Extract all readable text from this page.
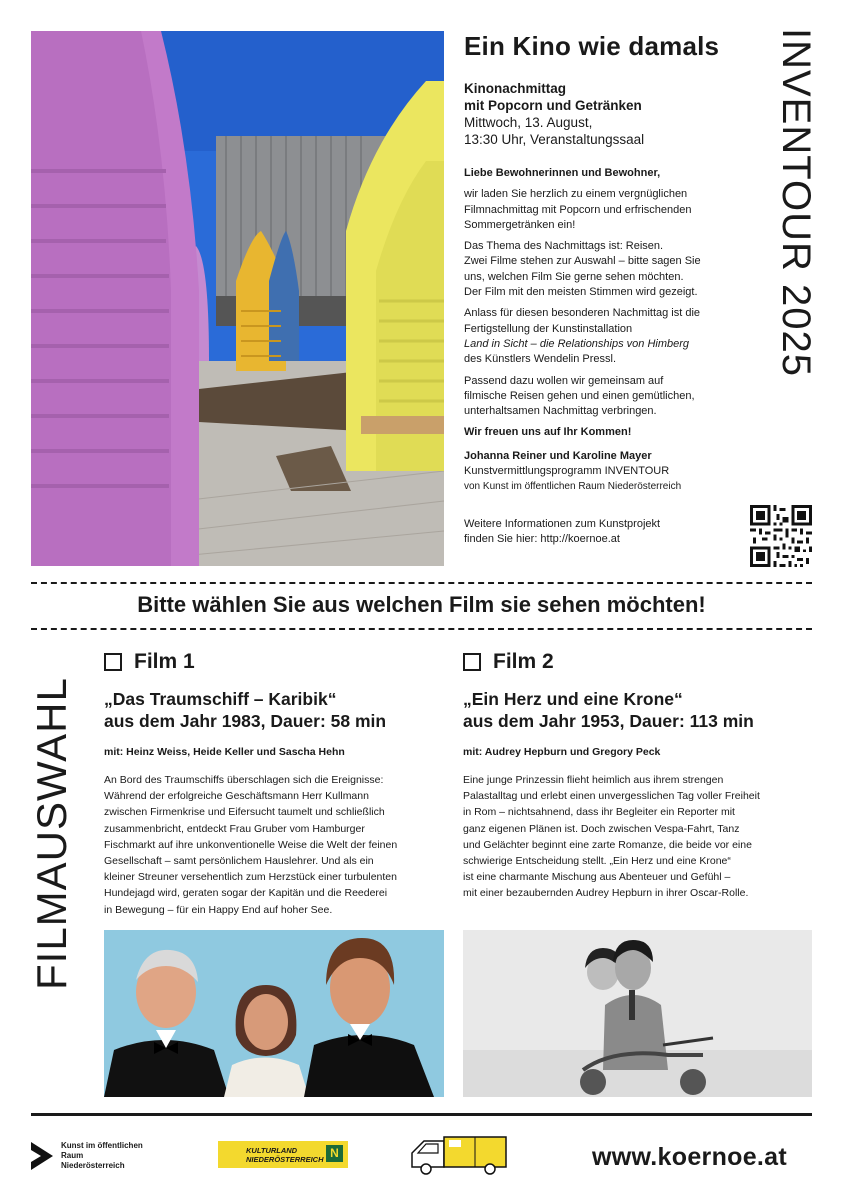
Ein Kino wie damals
Kinonachmittag
mit Popcorn und Getränken
Mittwoch, 13. August,
13:30 Uhr, Veranstaltungssaal

Liebe Bewohnerinnen und Bewohner,

wir laden Sie herzlich zu einem vergnüglichen
Filmnachmittag mit Popcorn und erfrischenden
Sommergetränken ein!

Das Thema des Nachmittags ist: Reisen.
Zwei Filme stehen zur Auswahl – bitte sagen Sie
uns, welchen Film Sie gerne sehen möchten.
Der Film mit den meisten Stimmen wird gezeigt.

Anlass für diesen besonderen Nachmittag ist die
Fertigstellung der Kunstinstallation
Land in Sicht – die Relationships von Himberg
des Künstlers Wendelin Pressl.

Passend dazu wollen wir gemeinsam auf
filmische Reisen gehen und einen gemütlichen,
unterhaltsamen Nachmittag verbringen.

Wir freuen uns auf Ihr Kommen!

Johanna Reiner und Karoline Mayer
Kunstvermittlungsprogramm INVENTOUR
von Kunst im öffentlichen Raum Niederösterreich

Weitere Informationen zum Kunstprojekt
finden Sie hier: http://koernoe.at

INVENTOUR 2025
Bitte wählen Sie aus welchen Film sie sehen möchten!
FILMAUSWAHL
Film 1
„Das Traumschiff – Karibik“
aus dem Jahr 1983, Dauer: 58 min
mit: Heinz Weiss, Heide Keller und Sascha Hehn
An Bord des Traumschiffs überschlagen sich die Ereignisse:
Während der erfolgreiche Geschäftsmann Herr Kullmann
zwischen Firmenkrise und Eifersucht taumelt und schließlich
zusammenbricht, entdeckt Frau Gruber vom Hamburger
Fischmarkt auf ihre unkonventionelle Weise die Welt der feinen
Gesellschaft – samt persönlichem Hauslehrer. Und als ein
kleiner Streuner versehentlich zum Herzstück einer turbulenten
Hundejagd wird, geraten sogar der Kapitän und die Reederei
in Bewegung – für ein Happy End auf hoher See.
Film 2
„Ein Herz und eine Krone“
aus dem Jahr 1953, Dauer: 113 min
mit: Audrey Hepburn und Gregory Peck
Eine junge Prinzessin flieht heimlich aus ihrem strengen
Palastalltag und erlebt einen unvergesslichen Tag voller Freiheit
in Rom – nichtsahnend, dass ihr Begleiter ein Reporter mit
ganz eigenen Plänen ist. Doch zwischen Vespa-Fahrt, Tanz
und Gelächter beginnt eine zarte Romanze, die beide vor eine
schwierige Entscheidung stellt. „Ein Herz und eine Krone“
ist eine charmante Mischung aus Abenteuer und Gefühl –
mit einer bezaubernden Audrey Hepburn in ihrer Oscar-Rolle.
Kunst im öffentlichen
Raum
Niederösterreich
KULTURLAND
NIEDERÖSTERREICH N	www.koernoe.at
